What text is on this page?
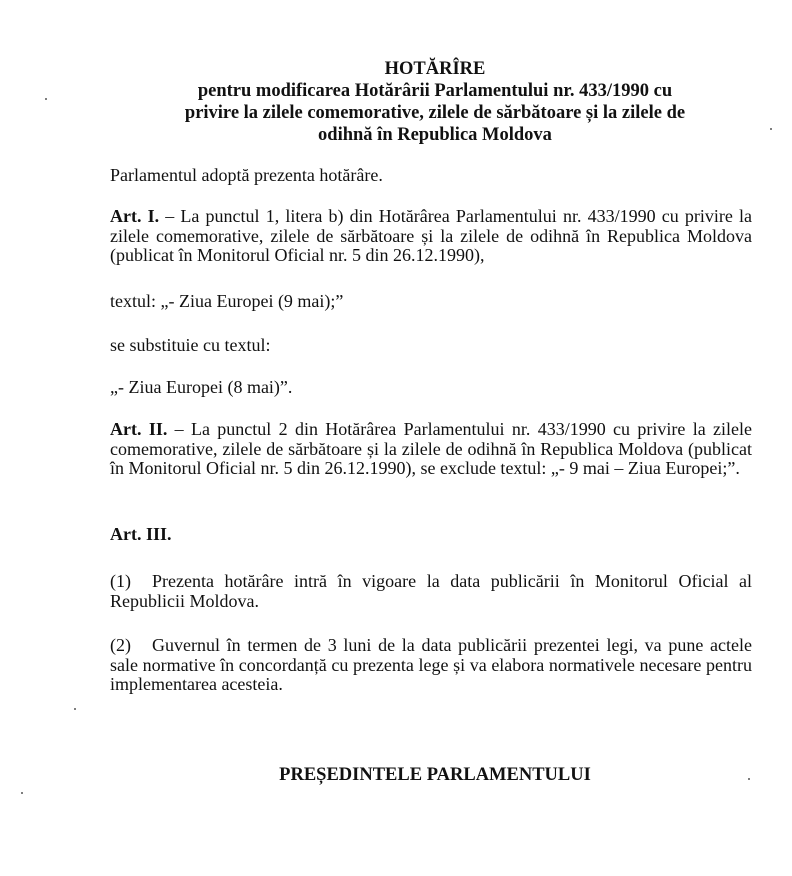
HOTĂRÎRE
pentru modificarea Hotărârii Parlamentului nr. 433/1990 cu
privire la zilele comemorative, zilele de sărbătoare și la zilele de
odihnă în Republica Moldova

Parlamentul adoptă prezenta hotărâre.

Art. I. – La punctul 1, litera b) din Hotărârea Parlamentului nr. 433/1990 cu privire la zilele comemorative, zilele de sărbătoare și la zilele de odihnă în Republica Moldova (publicat în Monitorul Oficial nr. 5 din 26.12.1990),

textul: „- Ziua Europei (9 mai);”

se substituie cu textul:

„- Ziua Europei (8 mai)”.

Art. II. – La punctul 2 din Hotărârea Parlamentului nr. 433/1990 cu privire la zilele comemorative, zilele de sărbătoare și la zilele de odihnă în Republica Moldova (publicat în Monitorul Oficial nr. 5 din 26.12.1990), se exclude textul: „- 9 mai – Ziua Europei;”.

Art. III.

(1) Prezenta hotărâre intră în vigoare la data publicării în Monitorul Oficial al Republicii Moldova.

(2) Guvernul în termen de 3 luni de la data publicării prezentei legi, va pune actele sale normative în concordanță cu prezenta lege și va elabora normativele necesare pentru implementarea acesteia.

PREȘEDINTELE PARLAMENTULUI
